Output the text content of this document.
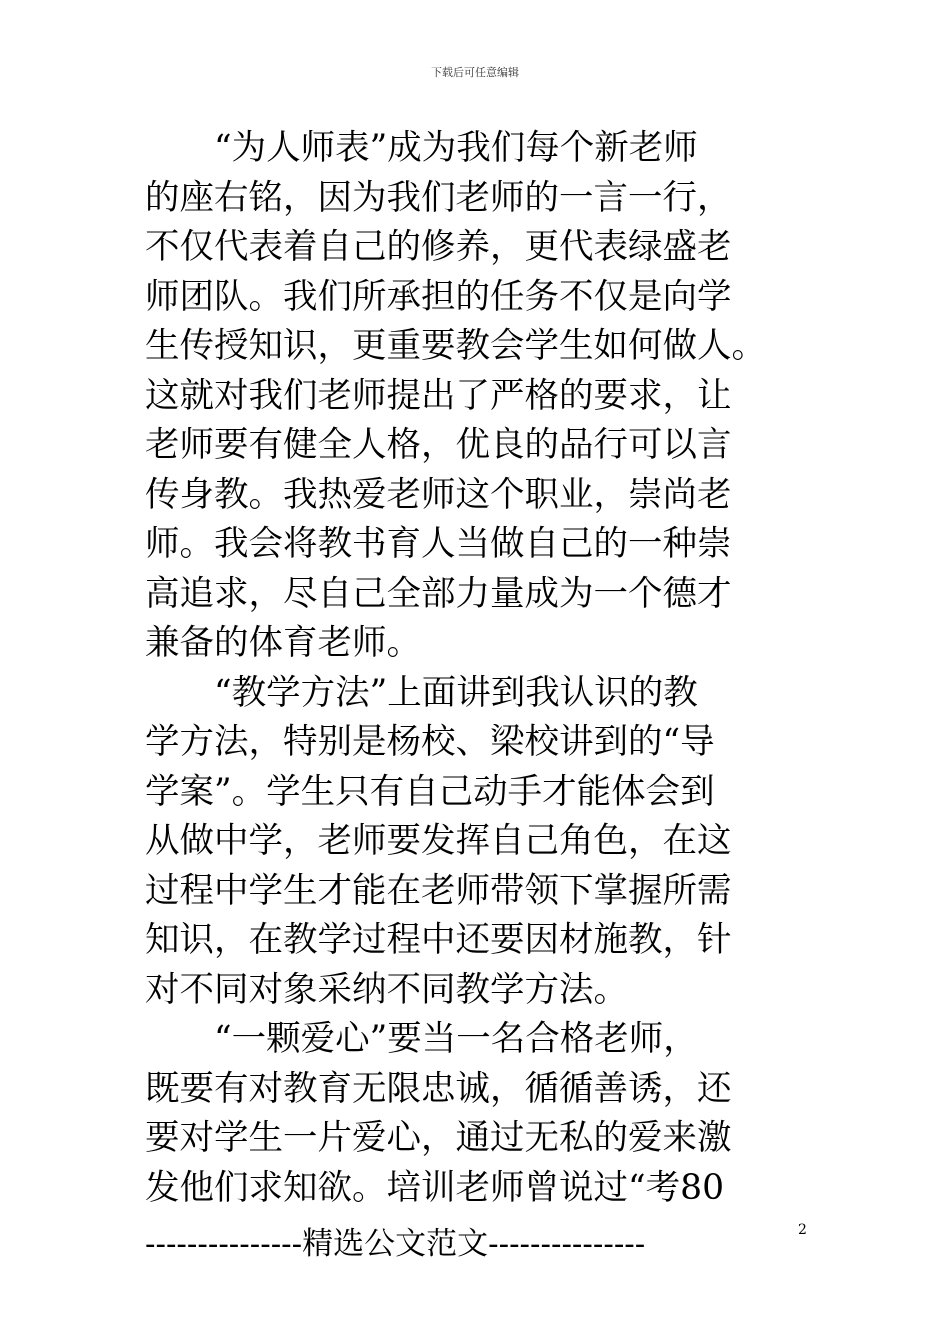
下载后可任意编辑
　　“为人师表”成为我们每个新老师
的座右铭，因为我们老师的一言一行，
不仅代表着自己的修养，更代表绿盛老
师团队。我们所承担的任务不仅是向学
生传授知识，更重要教会学生如何做人。
这就对我们老师提出了严格的要求，让
老师要有健全人格，优良的品行可以言
传身教。我热爱老师这个职业，崇尚老
师。我会将教书育人当做自己的一种崇
高追求，尽自己全部力量成为一个德才
兼备的体育老师。
　　“教学方法”上面讲到我认识的教
学方法，特别是杨校、梁校讲到的“导
学案”。学生只有自己动手才能体会到
从做中学，老师要发挥自己角色，在这
过程中学生才能在老师带领下掌握所需
知识，在教学过程中还要因材施教，针
对不同对象采纳不同教学方法。
　　“一颗爱心”要当一名合格老师，
既要有对教育无限忠诚，循循善诱，还
要对学生一片爱心，通过无私的爱来激
发他们求知欲。培训老师曾说过“考80
---------------精选公文范文---------------	2
